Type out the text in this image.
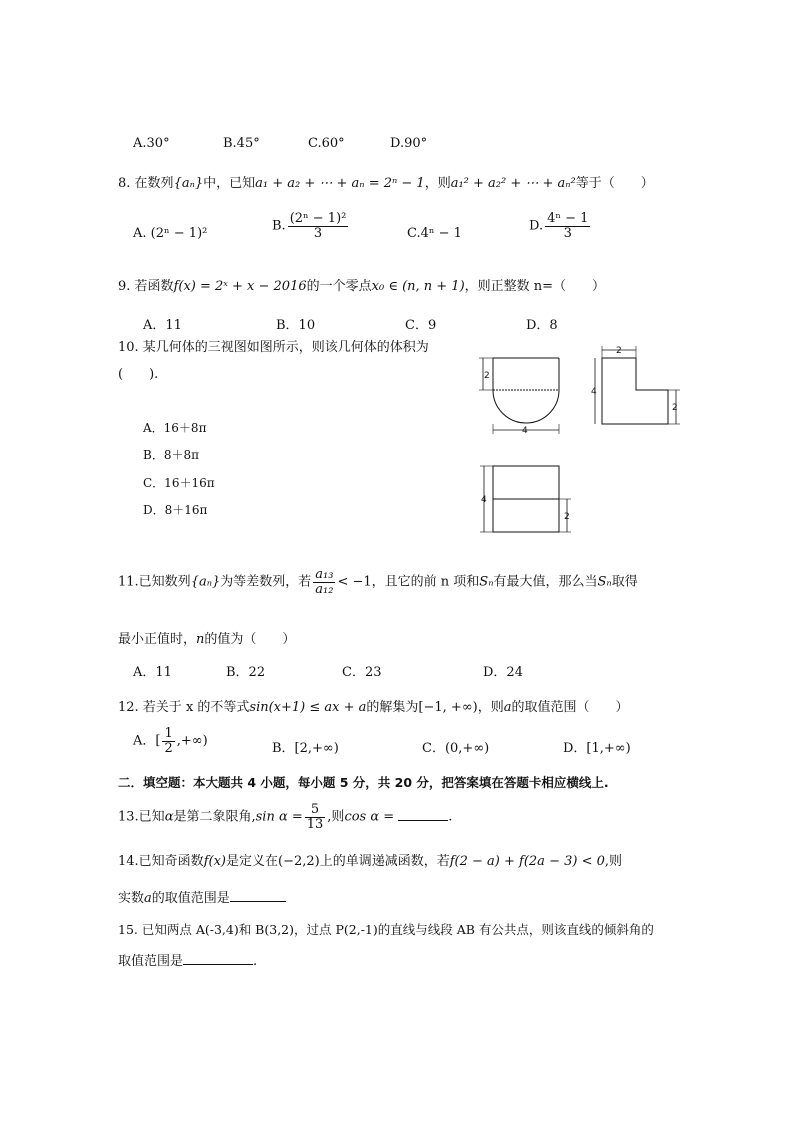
A.30°	B.45°	C.60°	D.90°
8. 在数列{aₙ}中，已知a₁ + a₂ + ⋯ + aₙ = 2ⁿ − 1，则a₁² + a₂² + ⋯ + aₙ²等于（　　）
A. (2ⁿ − 1)²	B. $\frac{\text{(2ⁿ − 1)²}}{3}$	C.4ⁿ − 1	D. $\frac{\text{4ⁿ − 1}}{3}$
9. 若函数f(x) = 2ˣ + x − 2016的一个零点x₀ ∈ (n, n + 1)，则正整数 n=（　　）
A．11	B．10	C．9	D．8
10. 某几何体的三视图如图所示，则该几何体的体积为
(　　).
A．16＋8π
B．8＋8π
C．16＋16π
D．8＋16π
2
4
2
4
2
4
2
11.已知数列{aₙ}为等差数列，若 $\frac{\text{a₁₃}}{\text{a₁₂}} < -1$，且它的前 n 项和Sₙ有最大值，那么当Sₙ取得
最小正值时，n的值为（　　）
A．11	B．22	C．23	D．24
12. 若关于 x 的不等式sin(x+1) ≤ ax + a的解集为[−1, +∞)，则a的取值范围（　　）
A．[ $\frac{1}{2}$ ,+∞)	B．[2,+∞)	C．(0,+∞)	D．[1,+∞)
二．填空题：本大题共 4 小题，每小题 5 分，共 20 分，把答案填在答题卡相应横线上.
13.已知α是第二象限角,sin $\alpha = \frac{5}{13}$ ,则cos α =	.
14.已知奇函数f(x)是定义在(−2,2)上的单调递减函数，若f(2 − a) + f(2a − 3) < 0,则
实数a的取值范围是
15. 已知两点 A(-3,4)和 B(3,2)，过点 P(2,-1)的直线与线段 AB 有公共点，则该直线的倾斜角的
取值范围是	.
